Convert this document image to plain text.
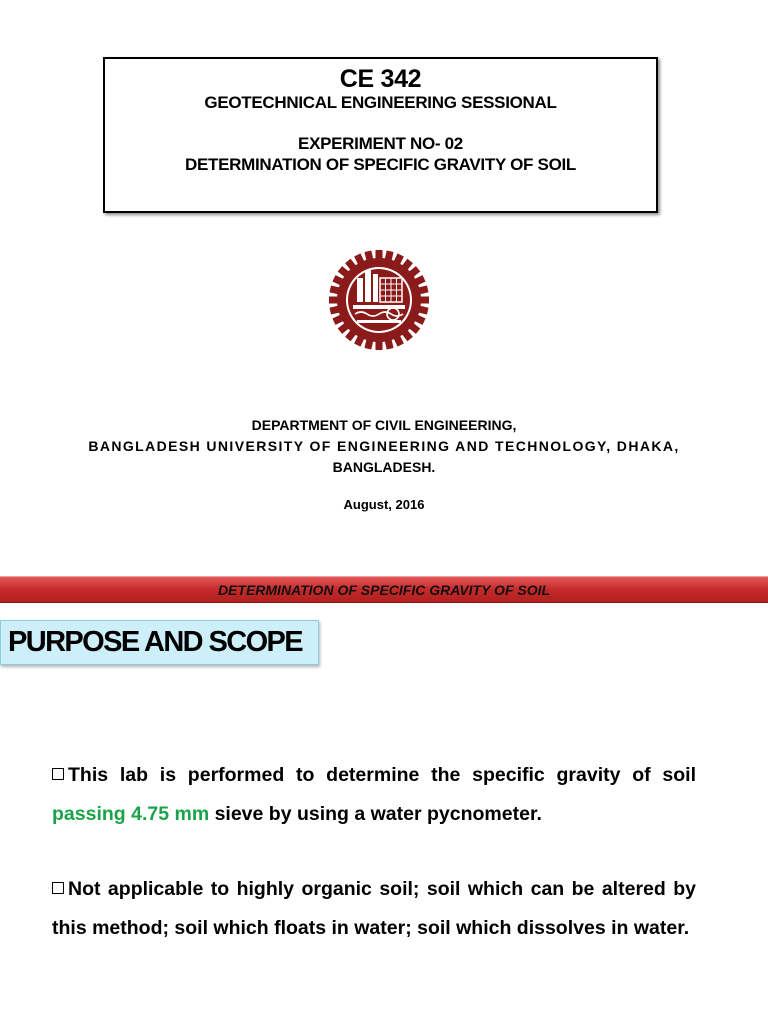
CE 342
GEOTECHNICAL ENGINEERING SESSIONAL
EXPERIMENT NO- 02
DETERMINATION OF SPECIFIC GRAVITY OF SOIL
DEPARTMENT OF CIVIL ENGINEERING,
BANGLADESH UNIVERSITY OF ENGINEERING AND TECHNOLOGY, DHAKA,
BANGLADESH.
August, 2016
DETERMINATION OF SPECIFIC GRAVITY OF SOIL
PURPOSE AND SCOPE
This lab is performed to determine the specific gravity of soil passing 4.75 mm sieve by using a water pycnometer.
Not applicable to highly organic soil; soil which can be altered by this method; soil which floats in water; soil which dissolves in water.
